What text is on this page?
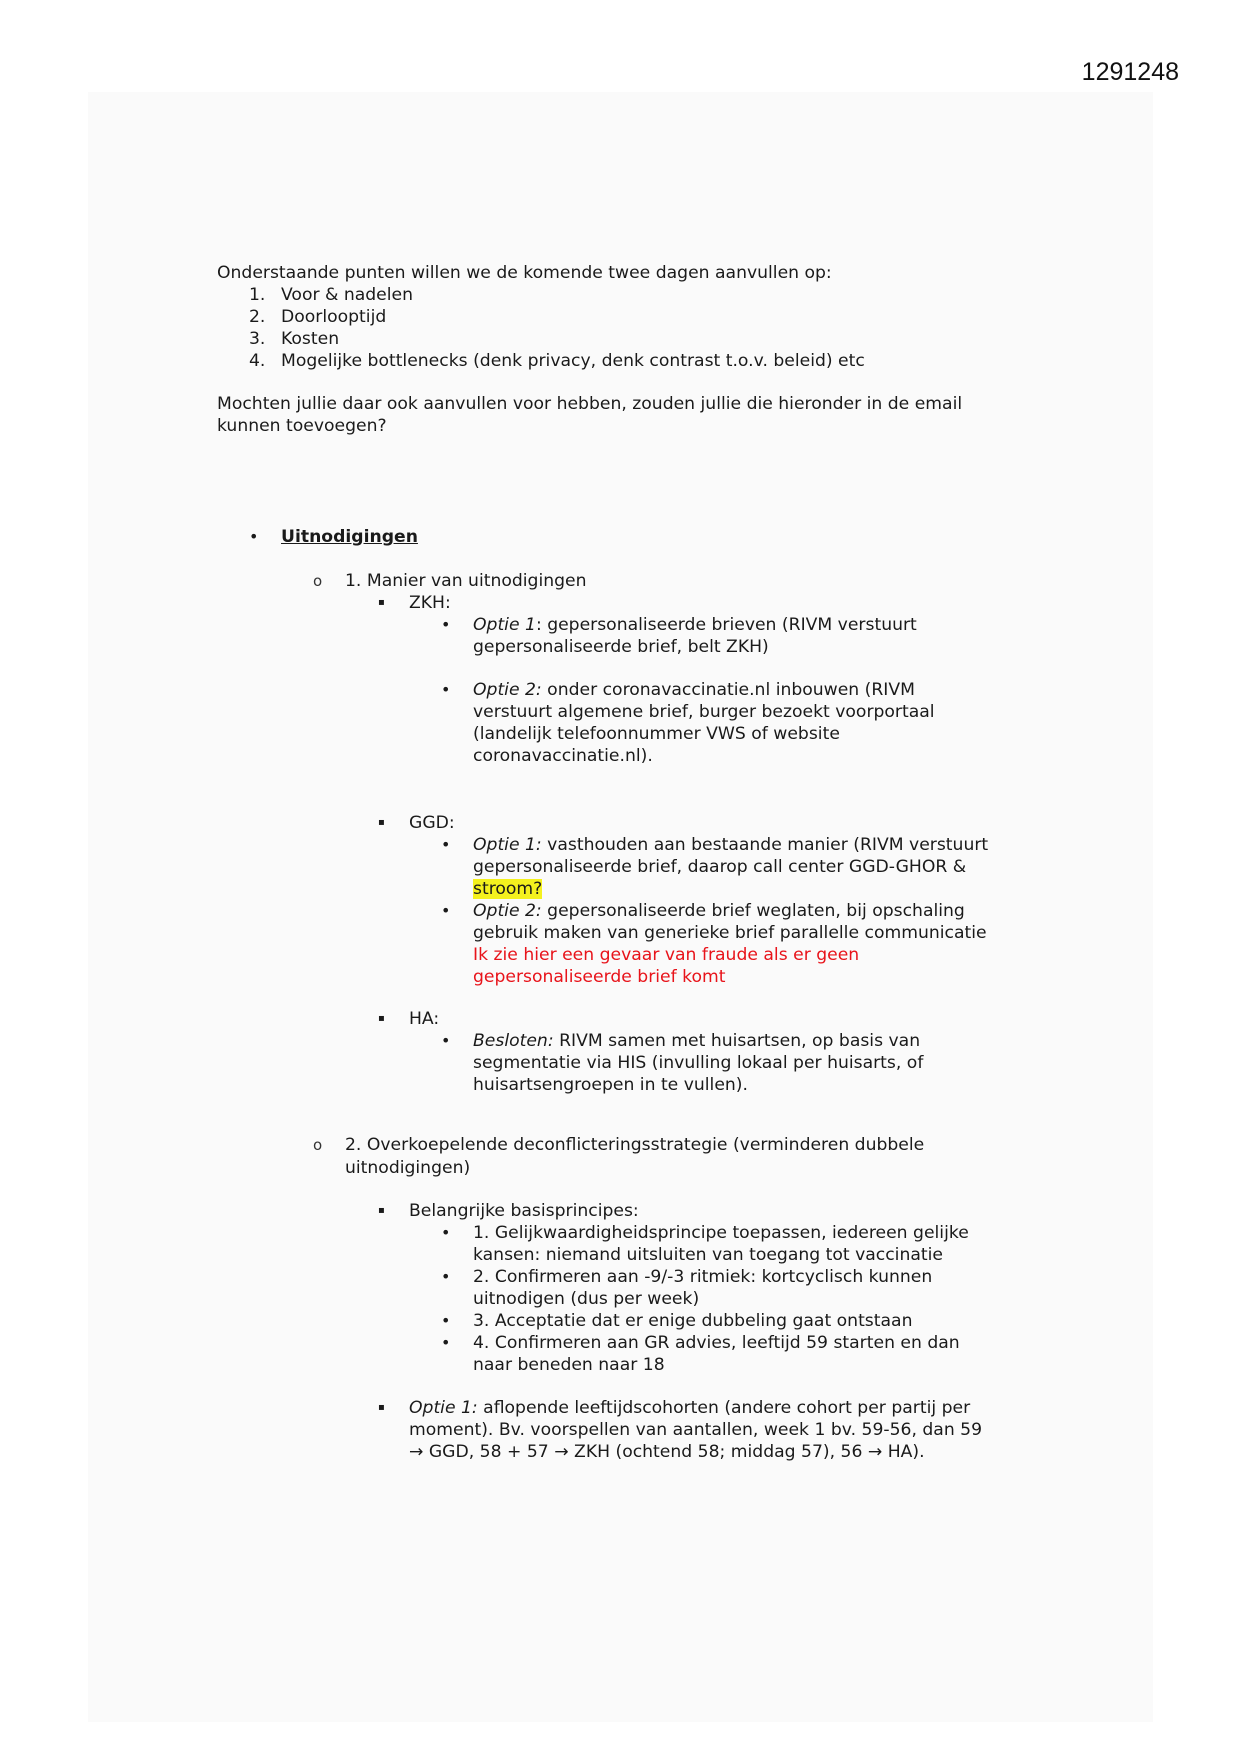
1291248
Onderstaande punten willen we de komende twee dagen aanvullen op:
1. Voor & nadelen
2. Doorlooptijd
3. Kosten
4. Mogelijke bottlenecks (denk privacy, denk contrast t.o.v. beleid) etc
Mochten jullie daar ook aanvullen voor hebben, zouden jullie die hieronder in de email
kunnen toevoegen?
• Uitnodigingen
o 1. Manier van uitnodigingen
▪ ZKH:
• Optie 1: gepersonaliseerde brieven (RIVM verstuurt
gepersonaliseerde brief, belt ZKH)
• Optie 2: onder coronavaccinatie.nl inbouwen (RIVM
verstuurt algemene brief, burger bezoekt voorportaal
(landelijk telefoonnummer VWS of website
coronavaccinatie.nl).
▪ GGD:
• Optie 1: vasthouden aan bestaande manier (RIVM verstuurt
gepersonaliseerde brief, daarop call center GGD-GHOR &
stroom?
• Optie 2: gepersonaliseerde brief weglaten, bij opschaling
gebruik maken van generieke brief parallelle communicatie
Ik zie hier een gevaar van fraude als er geen
gepersonaliseerde brief komt
▪ HA:
• Besloten: RIVM samen met huisartsen, op basis van
segmentatie via HIS (invulling lokaal per huisarts, of
huisartsengroepen in te vullen).
o 2. Overkoepelende deconflicteringsstrategie (verminderen dubbele
uitnodigingen)
▪ Belangrijke basisprincipes:
• 1. Gelijkwaardigheidsprincipe toepassen, iedereen gelijke
kansen: niemand uitsluiten van toegang tot vaccinatie
• 2. Confirmeren aan -9/-3 ritmiek: kortcyclisch kunnen
uitnodigen (dus per week)
• 3. Acceptatie dat er enige dubbeling gaat ontstaan
• 4. Confirmeren aan GR advies, leeftijd 59 starten en dan
naar beneden naar 18
▪ Optie 1: aflopende leeftijdscohorten (andere cohort per partij per
moment). Bv. voorspellen van aantallen, week 1 bv. 59-56, dan 59
→ GGD, 58 + 57 → ZKH (ochtend 58; middag 57), 56 → HA).
